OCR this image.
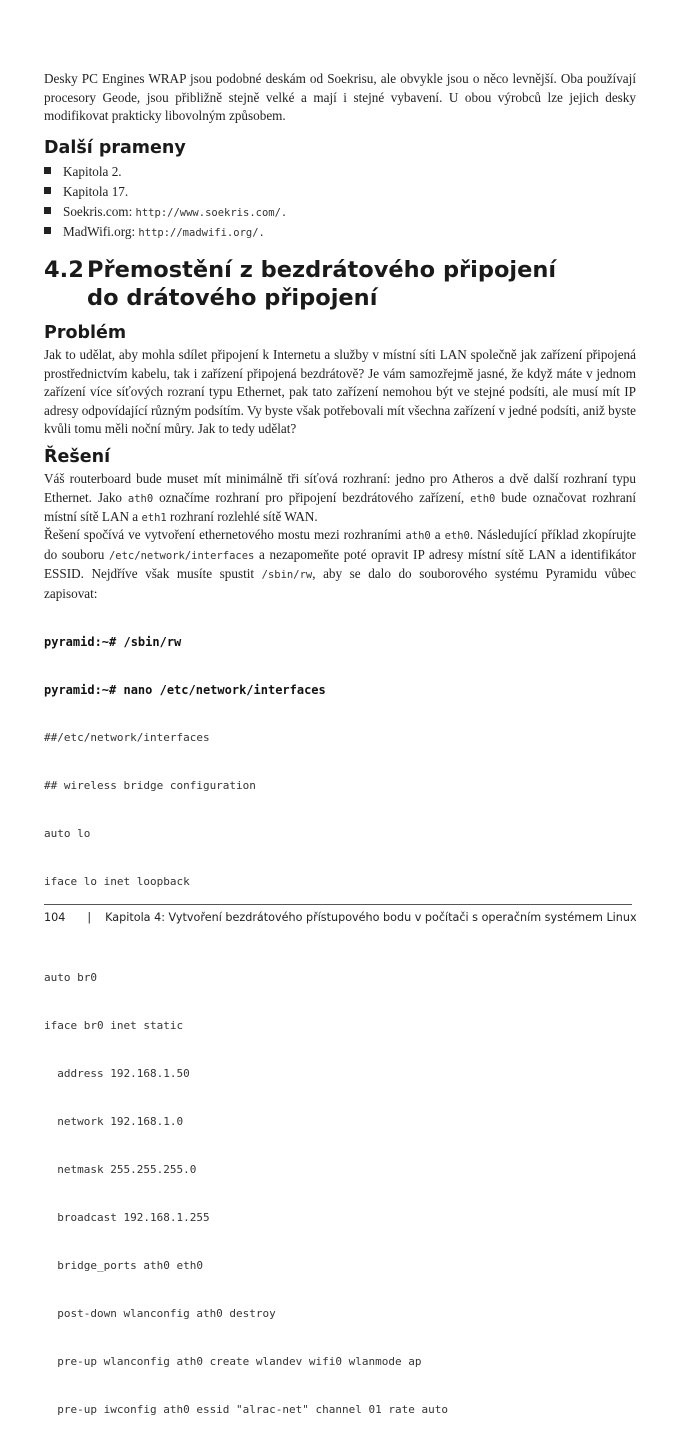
Desky PC Engines WRAP jsou podobné deskám od Soekrisu, ale obvykle jsou o něco levnější. Oba používají procesory Geode, jsou přibližně stejně velké a mají i stejné vybavení. U obou výrobců lze jejich desky modifikovat prakticky libovolným způsobem.

Další prameny
Kapitola 2.
Kapitola 17.
Soekris.com: http://www.soekris.com/.
MadWifi.org: http://madwifi.org/.
4.2 Přemostění z bezdrátového připojení
do drátového připojení
Problém

Jak to udělat, aby mohla sdílet připojení k Internetu a služby v místní síti LAN společně jak zařízení připojená prostřednictvím kabelu, tak i zařízení připojená bezdrátově? Je vám samozřejmě jasné, že když máte v jednom zařízení více síťových rozraní typu Ethernet, pak tato zařízení nemohou být ve stejné podsíti, ale musí mít IP adresy odpovídající různým podsítím. Vy byste však potřebovali mít všechna zařízení v jedné podsíti, aniž byste kvůli tomu měli noční můry. Jak to tedy udělat?

Řešení

Váš routerboard bude muset mít minimálně tři síťová rozhraní: jedno pro Atheros a dvě další rozhraní typu Ethernet. Jako ath0 označíme rozhraní pro připojení bezdrátového zařízení, eth0 bude označovat rozhraní místní sítě LAN a eth1 rozhraní rozlehlé sítě WAN.

Řešení spočívá ve vytvoření ethernetového mostu mezi rozhraními ath0 a eth0. Následující příklad zkopírujte do souboru /etc/network/interfaces a nezapomeňte poté opravit IP adresy místní sítě LAN a identifikátor ESSID. Nejdříve však musíte spustit /sbin/rw, aby se dalo do souborového systému Pyramidu vůbec zapisovat:

pyramid:~# /sbin/rw

pyramid:~# nano /etc/network/interfaces

##/etc/network/interfaces

## wireless bridge configuration

auto lo

iface lo inet loopback

auto br0

iface br0 inet static

address 192.168.1.50

network 192.168.1.0

netmask 255.255.255.0

broadcast 192.168.1.255

bridge_ports ath0 eth0

post-down wlanconfig ath0 destroy

pre-up wlanconfig ath0 create wlandev wifi0 wlanmode ap

pre-up iwconfig ath0 essid "alrac-net" channel 01 rate auto

104 | Kapitola 4: Vytvoření bezdrátového přístupového bodu v počítači s operačním systémem Linux
